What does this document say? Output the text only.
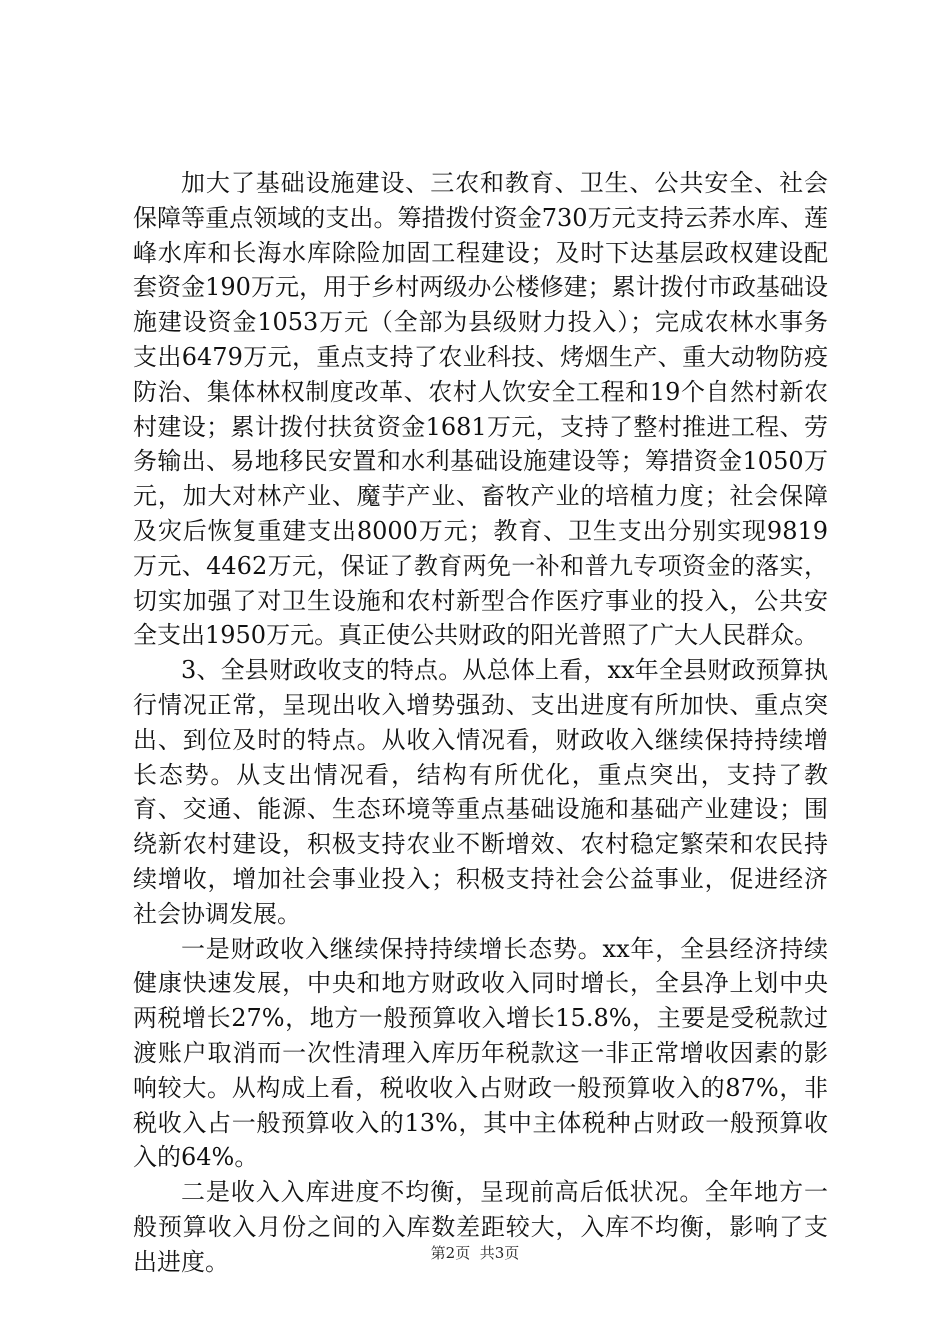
加大了基础设施建设、三农和教育、卫生、公共安全、社会保障等重点领域的支出。筹措拨付资金730万元支持云荞水库、莲峰水库和长海水库除险加固工程建设；及时下达基层政权建设配套资金190万元，用于乡村两级办公楼修建；累计拨付市政基础设施建设资金1053万元（全部为县级财力投入）；完成农林水事务支出6479万元，重点支持了农业科技、烤烟生产、重大动物防疫防治、集体林权制度改革、农村人饮安全工程和19个自然村新农村建设；累计拨付扶贫资金1681万元，支持了整村推进工程、劳务输出、易地移民安置和水利基础设施建设等；筹措资金1050万元，加大对林产业、魔芋产业、畜牧产业的培植力度；社会保障及灾后恢复重建支出8000万元；教育、卫生支出分别实现9819万元、4462万元，保证了教育两免一补和普九专项资金的落实，切实加强了对卫生设施和农村新型合作医疗事业的投入，公共安全支出1950万元。真正使公共财政的阳光普照了广大人民群众。

3、全县财政收支的特点。从总体上看，xx年全县财政预算执行情况正常，呈现出收入增势强劲、支出进度有所加快、重点突出、到位及时的特点。从收入情况看，财政收入继续保持持续增长态势。从支出情况看，结构有所优化，重点突出，支持了教育、交通、能源、生态环境等重点基础设施和基础产业建设；围绕新农村建设，积极支持农业不断增效、农村稳定繁荣和农民持续增收，增加社会事业投入；积极支持社会公益事业，促进经济社会协调发展。

一是财政收入继续保持持续增长态势。xx年，全县经济持续健康快速发展，中央和地方财政收入同时增长，全县净上划中央两税增长27%，地方一般预算收入增长15.8%，主要是受税款过渡账户取消而一次性清理入库历年税款这一非正常增收因素的影响较大。从构成上看，税收收入占财政一般预算收入的87%，非税收入占一般预算收入的13%，其中主体税种占财政一般预算收入的64%。

二是收入入库进度不均衡，呈现前高后低状况。全年地方一般预算收入月份之间的入库数差距较大，入库不均衡，影响了支出进度。	第2页 共3页
